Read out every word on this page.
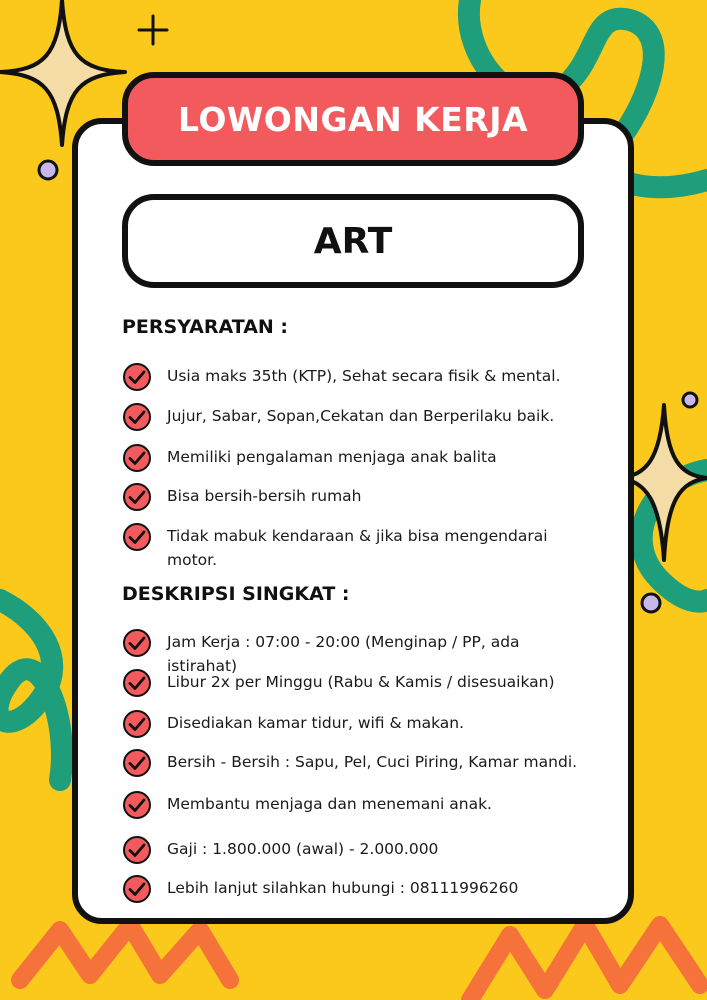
LOWONGAN KERJA
ART
PERSYARATAN :
Usia maks 35th (KTP), Sehat secara fisik & mental.
Jujur, Sabar, Sopan,Cekatan dan Berperilaku baik.
Memiliki pengalaman menjaga anak balita
Bisa bersih-bersih rumah
Tidak mabuk kendaraan & jika bisa mengendarai motor.
DESKRIPSI SINGKAT :
Jam Kerja : 07:00 - 20:00 (Menginap / PP, ada istirahat)
Libur 2x per Minggu (Rabu & Kamis / disesuaikan)
Disediakan kamar tidur, wifi & makan.
Bersih - Bersih : Sapu, Pel, Cuci Piring, Kamar mandi.
Membantu menjaga dan menemani anak.
Gaji : 1.800.000 (awal) - 2.000.000
Lebih lanjut silahkan hubungi : 08111996260
